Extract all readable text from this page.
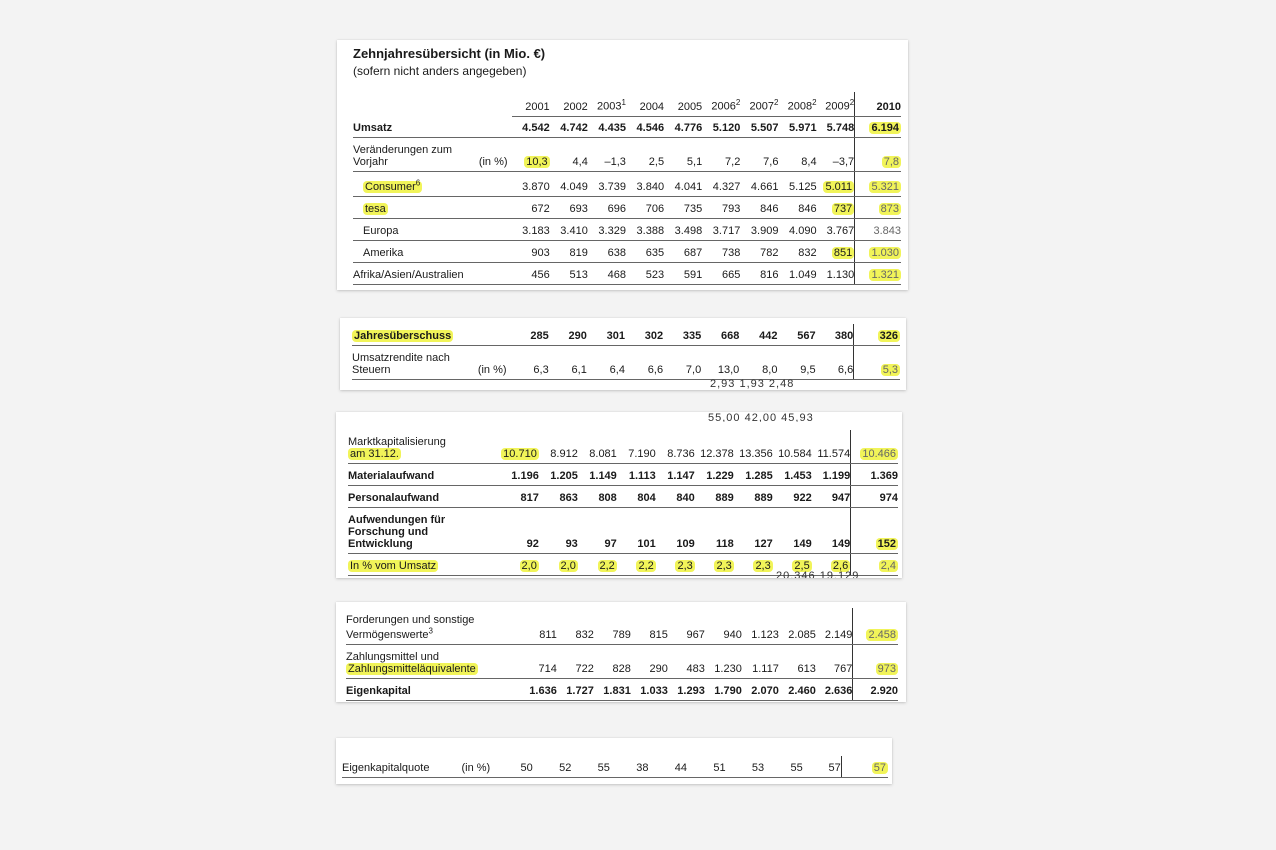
Zehnjahresübersicht (in Mio. €)
(sofern nicht anders angegeben)
		2001	2002	2003$^1$	2004	2005	2006$^2$	2007$^2$	2008$^2$	2009$^2$	2010
Umsatz		4.542	4.742	4.435	4.546	4.776	5.120	5.507	5.971	5.748	6.194
Veränderungen zum
Vorjahr	(in %)	10,3	4,4	–1,3	2,5	5,1	7,2	7,6	8,4	–3,7	7,8
Consumer$^6$		3.870	4.049	3.739	3.840	4.041	4.327	4.661	5.125	5.011	5.321
tesa		672	693	696	706	735	793	846	846	737	873
Europa		3.183	3.410	3.329	3.388	3.498	3.717	3.909	4.090	3.767	3.843
Amerika		903	819	638	635	687	738	782	832	851	1.030
Afrika/Asien/Australien		456	513	468	523	591	665	816	1.049	1.130	1.321
Jahresüberschuss		285	290	301	302	335	668	442	567	380	326
Umsatzrendite nach
Steuern	(in %)	6,3	6,1	6,4	6,6	7,0	13,0	8,0	9,5	6,6	5,3
2,93 1,93 2,48
55,00 42,00 45,93
Marktkapitalisierung
am 31.12.		10.710	8.912	8.081	7.190	8.736	12.378	13.356	10.584	11.574	10.466
Materialaufwand		1.196	1.205	1.149	1.113	1.147	1.229	1.285	1.453	1.199	1.369
Personalaufwand		817	863	808	804	840	889	889	922	947	974
Aufwendungen für
Forschung und
Entwicklung		92	93	97	101	109	118	127	149	149	152
In % vom Umsatz		2,0	2,0	2,2	2,2	2,3	2,3	2,3	2,5	2,6	2,4
20.346 19.129
Forderungen und sonstige
Vermögenswerte$^3$		811	832	789	815	967	940	1.123	2.085	2.149	2.458
Zahlungsmittel und
Zahlungsmitteläquivalente		714	722	828	290	483	1.230	1.117	613	767	973
Eigenkapital		1.636	1.727	1.831	1.033	1.293	1.790	2.070	2.460	2.636	2.920
Eigenkapitalquote	(in %)	50	52	55	38	44	51	53	55	57	57
